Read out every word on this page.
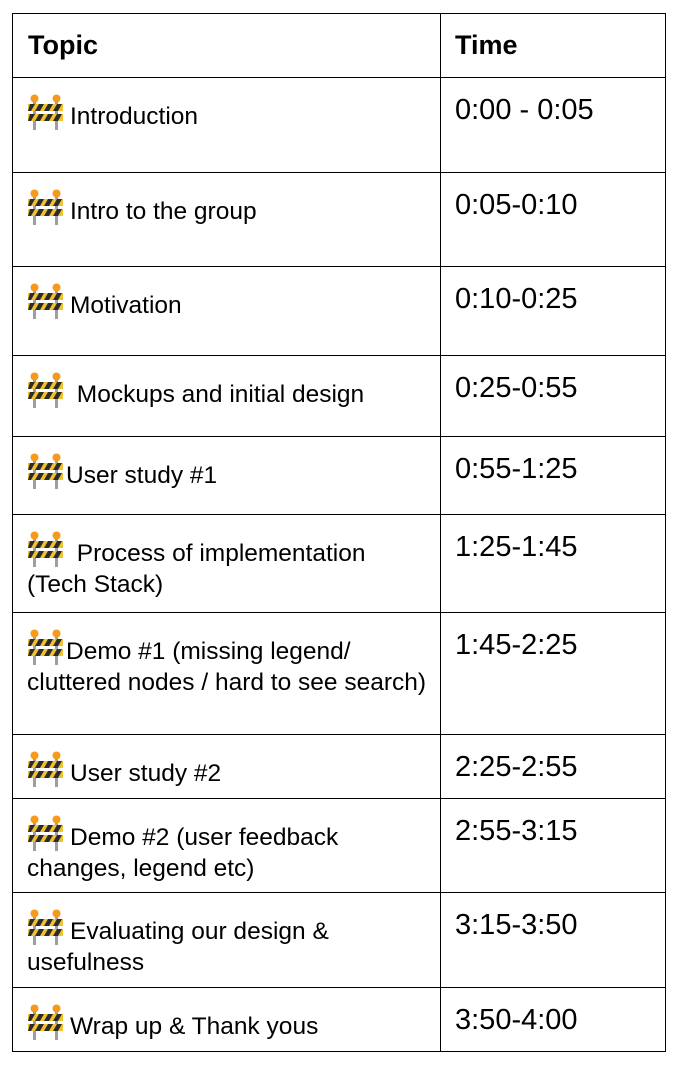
Topic	Time

Introduction	0:00 - 0:05

Intro to the group	0:05-0:10

Motivation	0:10-0:25

Mockups and initial design	0:25-0:55

User study #1	0:55-1:25

Process of implementation (Tech Stack)	1:25-1:45

Demo #1 (missing legend/ cluttered nodes / hard to see search)	1:45-2:25

User study #2	2:25-2:55

Demo #2 (user feedback changes, legend etc)	2:55-3:15

Evaluating our design & usefulness	3:15-3:50

Wrap up & Thank yous	3:50-4:00
